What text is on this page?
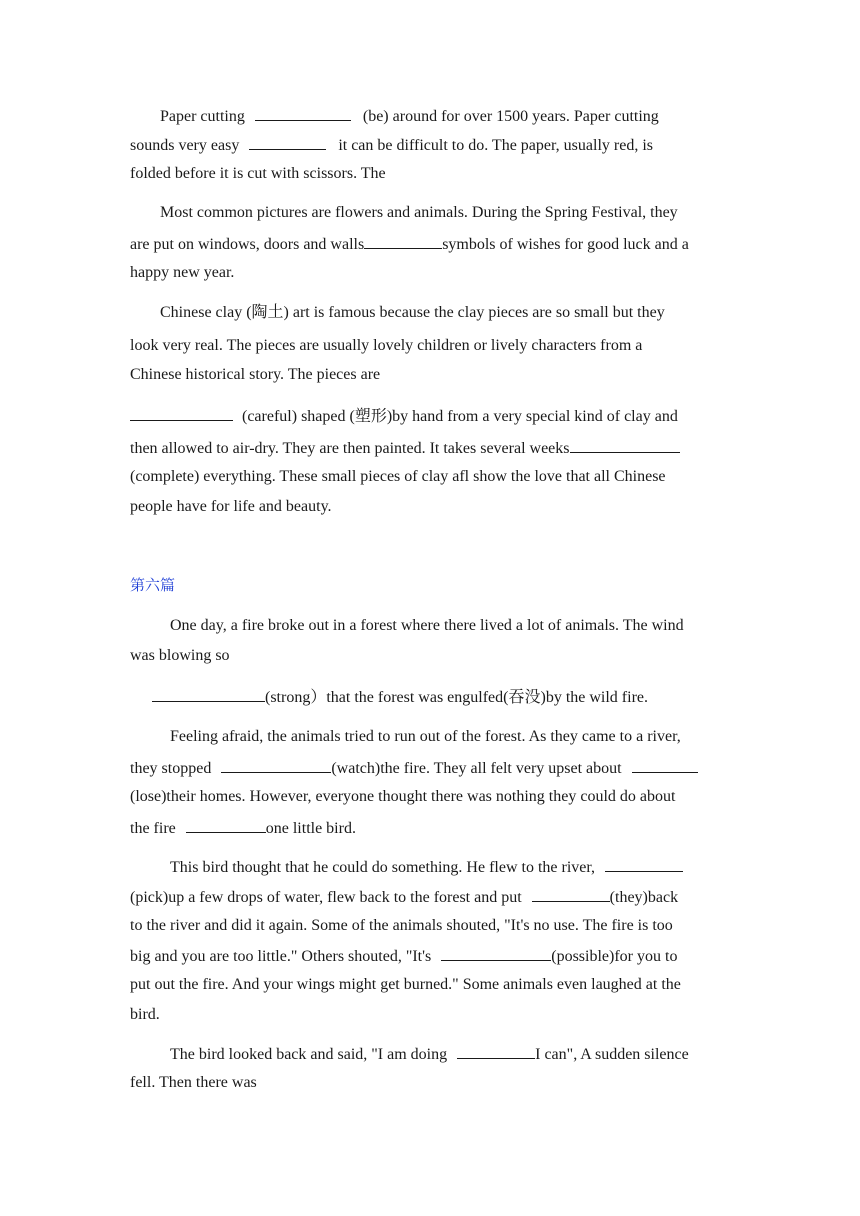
Paper cutting	(be) around for over 1500 years. Paper cutting
sounds very easy	it can be difficult to do. The paper, usually red, is
folded before it is cut with scissors. The
Most common pictures are flowers and animals. During the Spring Festival, they
are put on windows, doors and walls	symbols of wishes for good luck and a
happy new year.
Chinese clay (陶土) art is famous because the clay pieces are so small but they
look very real. The pieces are usually lovely children or lively characters from a
Chinese historical story. The pieces are
(careful) shaped (塑形)by hand from a very special kind of clay and
then allowed to air-dry. They are then painted. It takes several weeks
(complete) everything. These small pieces of clay afl show the love that all Chinese
people have for life and beauty.
第六篇
One day, a fire broke out in a forest where there lived a lot of animals. The wind
was blowing so
(strong）that the forest was engulfed(吞没)by the wild fire.
Feeling afraid, the animals tried to run out of the forest. As they came to a river,
they stopped	(watch)the fire. They all felt very upset about
(lose)their homes. However, everyone thought there was nothing they could do about
the fire	one little bird.
This bird thought that he could do something. He flew to the river,
(pick)up a few drops of water, flew back to the forest and put	(they)back
to the river and did it again. Some of the animals shouted, "It's no use. The fire is too
big and you are too little." Others shouted, "It's	(possible)for you to
put out the fire. And your wings might get burned." Some animals even laughed at the
bird.
The bird looked back and said, "I am doing	I can", A sudden silence
fell. Then there was
